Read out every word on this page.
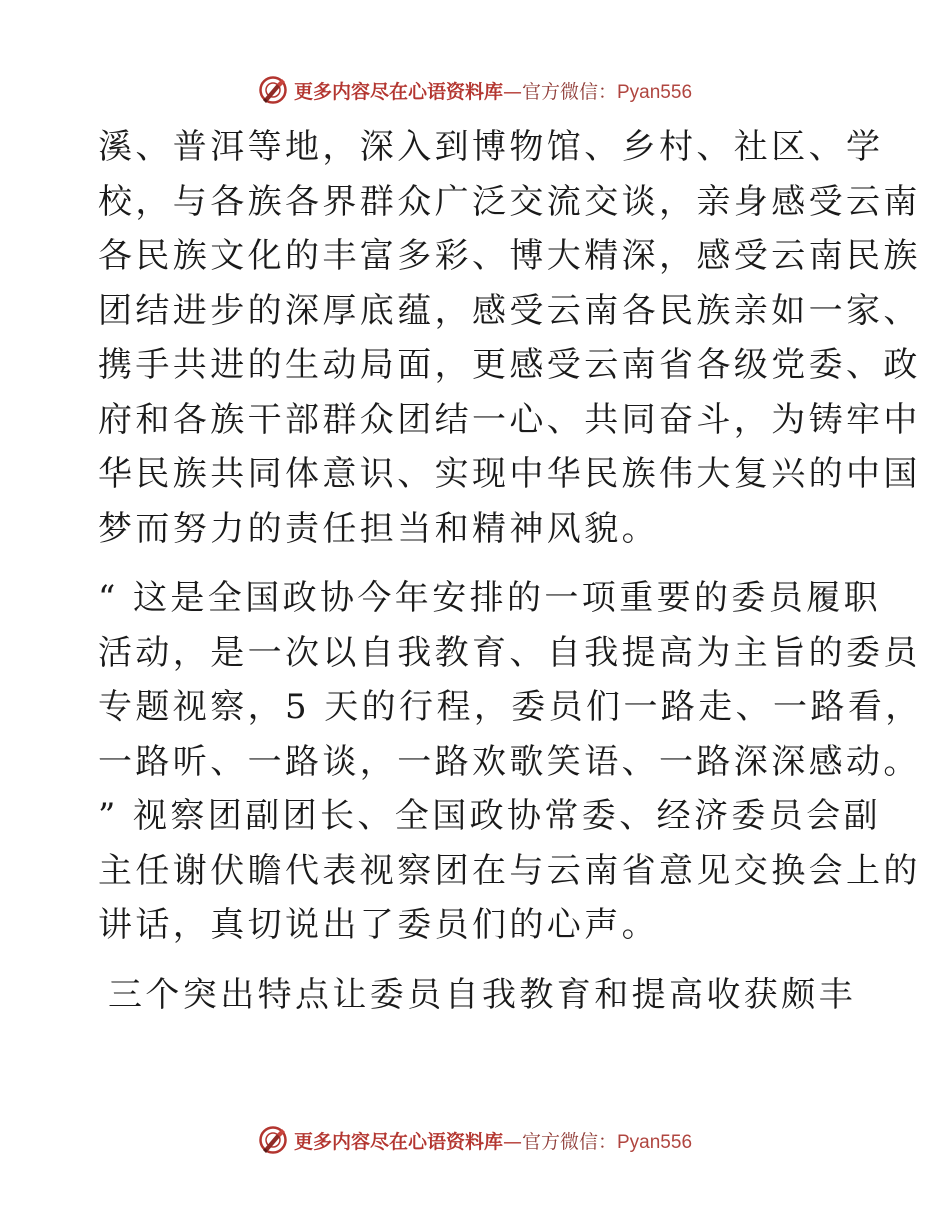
更多内容尽在心语资料库—官方微信：Pyan556
溪、普洱等地，深入到博物馆、乡村、社区、学
校，与各族各界群众广泛交流交谈，亲身感受云南
各民族文化的丰富多彩、博大精深，感受云南民族
团结进步的深厚底蕴，感受云南各民族亲如一家、
携手共进的生动局面，更感受云南省各级党委、政
府和各族干部群众团结一心、共同奋斗，为铸牢中
华民族共同体意识、实现中华民族伟大复兴的中国
梦而努力的责任担当和精神风貌。
“ 这是全国政协今年安排的一项重要的委员履职
活动，是一次以自我教育、自我提高为主旨的委员
专题视察，5 天的行程，委员们一路走、一路看，
一路听、一路谈，一路欢歌笑语、一路深深感动。
” 视察团副团长、全国政协常委、经济委员会副
主任谢伏瞻代表视察团在与云南省意见交换会上的
讲话，真切说出了委员们的心声。
三个突出特点让委员自我教育和提高收获颇丰
更多内容尽在心语资料库—官方微信：Pyan556
